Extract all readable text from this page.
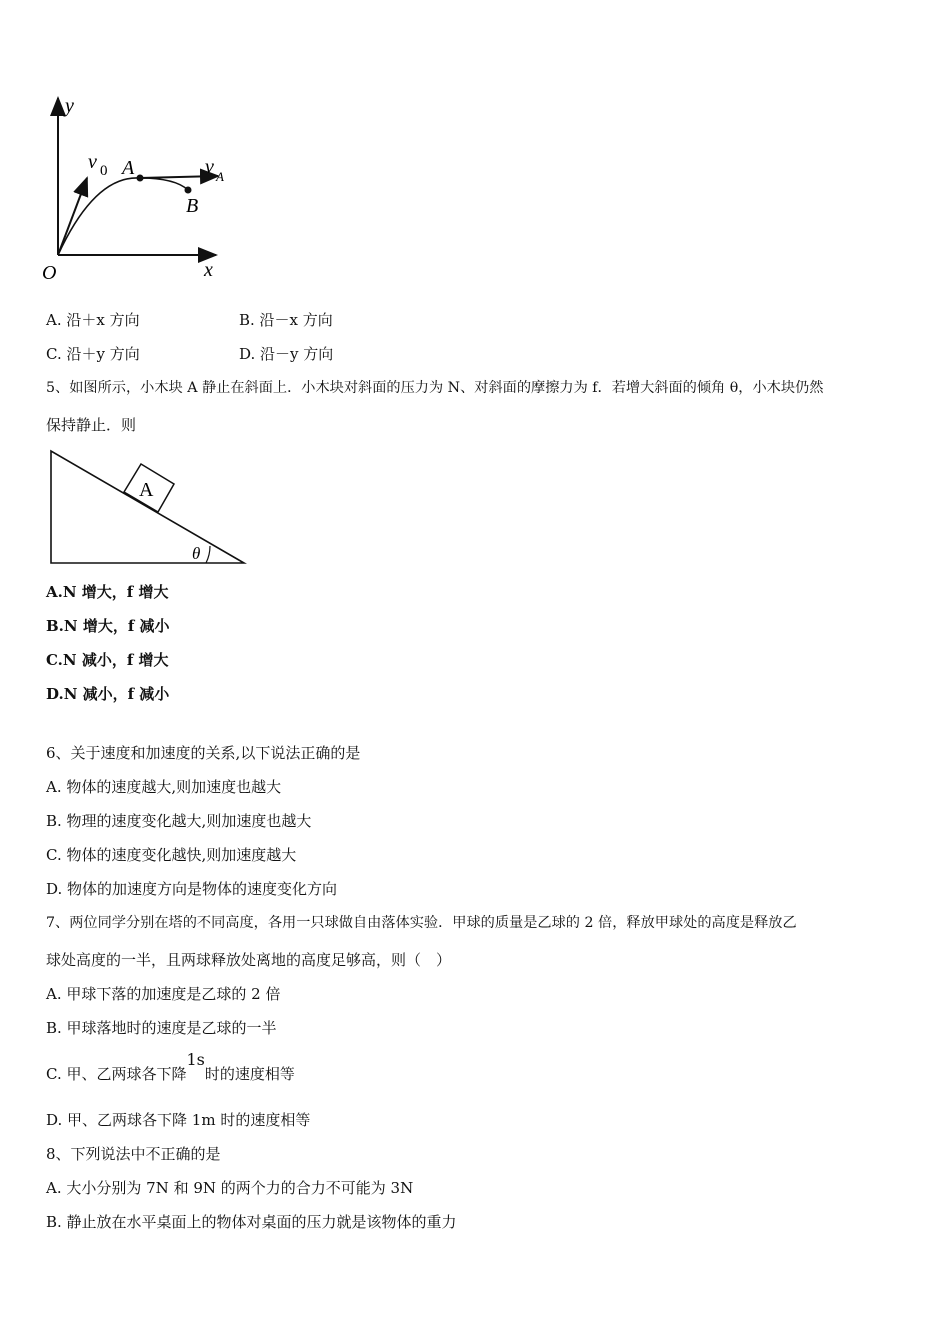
y
x
O
v 0 A	v A
B
A. 沿＋x 方向	B. 沿－x 方向
C. 沿＋y 方向	D. 沿－y 方向
5、如图所示，小木块 A 静止在斜面上．小木块对斜面的压力为 N、对斜面的摩擦力为 f．若增大斜面的倾角 θ，小木块仍然
保持静止．则
A
θ
A.N 增大，f 增大
B.N 增大，f 减小
C.N 减小，f 增大
D.N 减小，f 减小
6、关于速度和加速度的关系,以下说法正确的是
A. 物体的速度越大,则加速度也越大
B. 物理的速度变化越大,则加速度也越大
C. 物体的速度变化越快,则加速度越大
D. 物体的加速度方向是物体的速度变化方向
7、两位同学分别在塔的不同高度，各用一只球做自由落体实验．甲球的质量是乙球的 2 倍，释放甲球处的高度是释放乙
球处高度的一半，且两球释放处离地的高度足够高，则（　）
A. 甲球下落的加速度是乙球的 2 倍
B. 甲球落地时的速度是乙球的一半
C. 甲、乙两球各下降1s时的速度相等
D. 甲、乙两球各下降 1m 时的速度相等
8、下列说法中不正确的是
A. 大小分别为 7N 和 9N 的两个力的合力不可能为 3N
B. 静止放在水平桌面上的物体对桌面的压力就是该物体的重力
